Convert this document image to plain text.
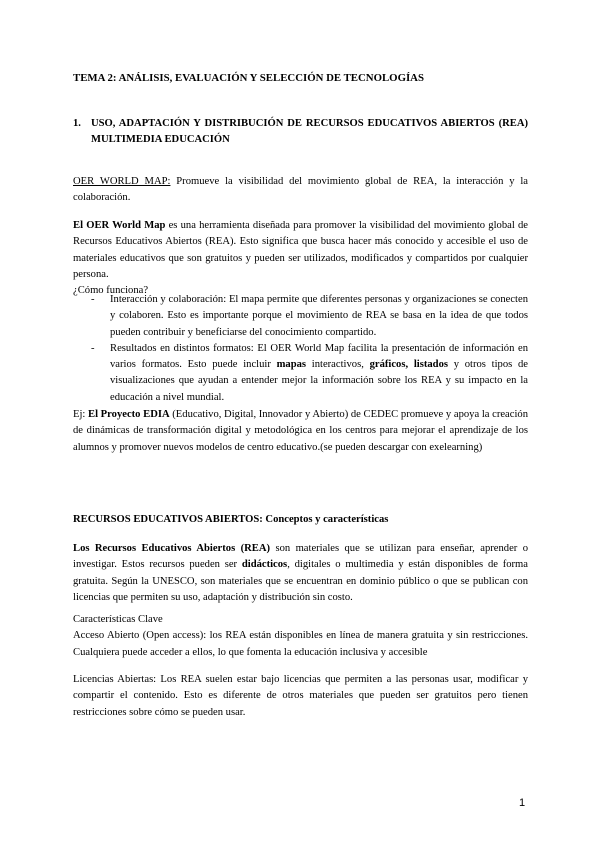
TEMA 2: ANÁLISIS, EVALUACIÓN Y SELECCIÓN DE TECNOLOGÍAS
1. USO, ADAPTACIÓN Y DISTRIBUCIÓN DE RECURSOS EDUCATIVOS ABIERTOS (REA) MULTIMEDIA EDUCACIÓN
OER WORLD MAP: Promueve la visibilidad del movimiento global de REA, la interacción y la colaboración.
El OER World Map es una herramienta diseñada para promover la visibilidad del movimiento global de Recursos Educativos Abiertos (REA). Esto significa que busca hacer más conocido y accesible el uso de materiales educativos que son gratuitos y pueden ser utilizados, modificados y compartidos por cualquier persona.
¿Cómo funciona?
- Interacción y colaboración: El mapa permite que diferentes personas y organizaciones se conecten y colaboren. Esto es importante porque el movimiento de REA se basa en la idea de que todos pueden contribuir y beneficiarse del conocimiento compartido.
- Resultados en distintos formatos: El OER World Map facilita la presentación de información en varios formatos. Esto puede incluir mapas interactivos, gráficos, listados y otros tipos de visualizaciones que ayudan a entender mejor la información sobre los REA y su impacto en la educación a nivel mundial.
Ej: El Proyecto EDIA (Educativo, Digital, Innovador y Abierto) de CEDEC promueve y apoya la creación de dinámicas de transformación digital y metodológica en los centros para mejorar el aprendizaje de los alumnos y promover nuevos modelos de centro educativo.(se pueden descargar con exelearning)
RECURSOS EDUCATIVOS ABIERTOS: Conceptos y características
Los Recursos Educativos Abiertos (REA) son materiales que se utilizan para enseñar, aprender o investigar. Estos recursos pueden ser didácticos, digitales o multimedia y están disponibles de forma gratuita. Según la UNESCO, son materiales que se encuentran en dominio público o que se publican con licencias que permiten su uso, adaptación y distribución sin costo.
Características Clave
Acceso Abierto (Open access): los REA están disponibles en línea de manera gratuita y sin restricciones. Cualquiera puede acceder a ellos, lo que fomenta la educación inclusiva y accesible
Licencias Abiertas: Los REA suelen estar bajo licencias que permiten a las personas usar, modificar y compartir el contenido. Esto es diferente de otros materiales que pueden ser gratuitos pero tienen restricciones sobre cómo se pueden usar.
1
